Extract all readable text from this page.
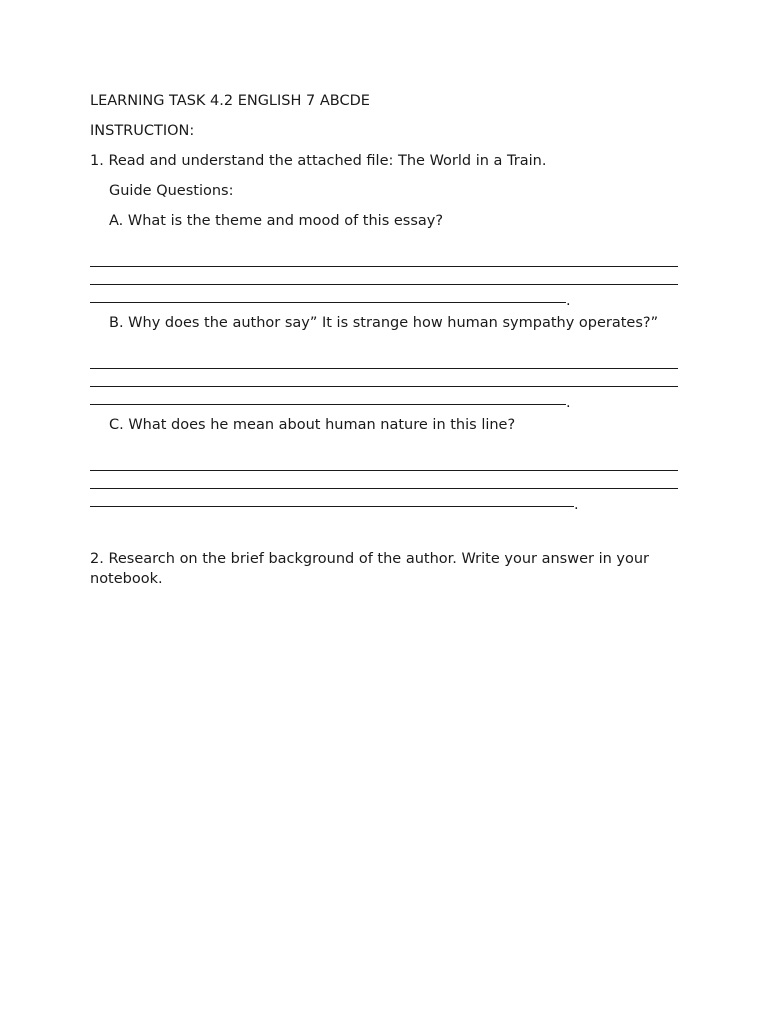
LEARNING TASK 4.2 ENGLISH 7 ABCDE

INSTRUCTION:

1. Read and understand the attached file: The World in a Train.

Guide Questions:

A. What is the theme and mood of this essay?

.

B. Why does the author say” It is strange how human sympathy operates?”

.

C. What does he mean about human nature in this line?

.

2. Research on the brief background of the author. Write your answer in your notebook.
